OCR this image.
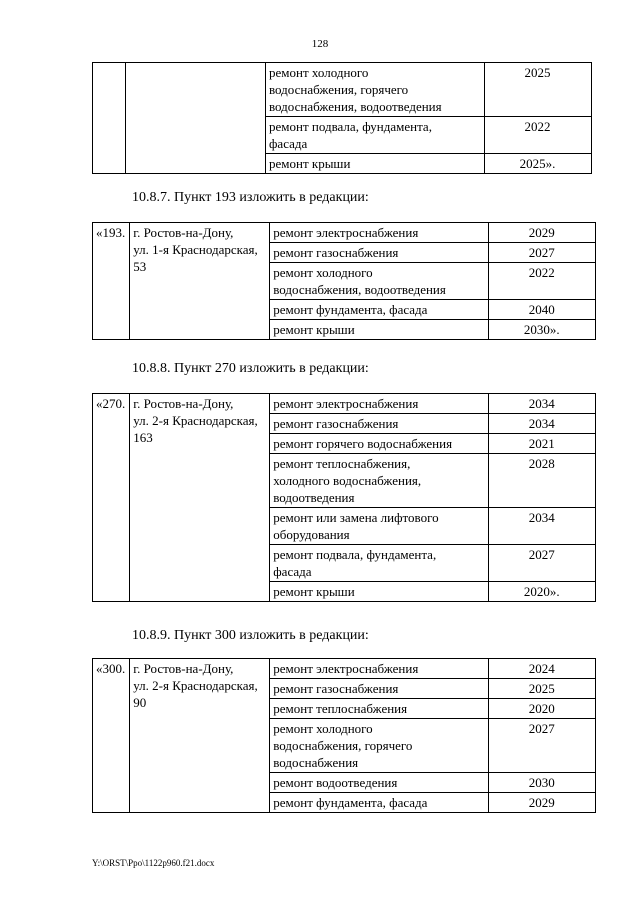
128

		ремонт холодного
водоснабжения, горячего
водоснабжения, водоотведения	2025

		ремонт подвала, фундамента,
фасада	2022

		ремонт крыши	2025».
10.8.7. Пункт 193 изложить в редакции:
«193.	г. Ростов-на-Дону,
ул. 1-я Краснодарская,
53	ремонт электроснабжения	2029

		ремонт газоснабжения	2027

		ремонт холодного
водоснабжения, водоотведения	2022

		ремонт фундамента, фасада	2040

		ремонт крыши	2030».
10.8.8. Пункт 270 изложить в редакции:
«270.	г. Ростов-на-Дону,
ул. 2-я Краснодарская,
163	ремонт электроснабжения	2034

		ремонт газоснабжения	2034

		ремонт горячего водоснабжения	2021

		ремонт теплоснабжения,
холодного водоснабжения,
водоотведения	2028

		ремонт или замена лифтового
оборудования	2034

		ремонт подвала, фундамента,
фасада	2027

		ремонт крыши	2020».
10.8.9. Пункт 300 изложить в редакции:
«300.	г. Ростов-на-Дону,
ул. 2-я Краснодарская,
90	ремонт электроснабжения	2024

		ремонт газоснабжения	2025

		ремонт теплоснабжения	2020

		ремонт холодного
водоснабжения, горячего
водоснабжения	2027

		ремонт водоотведения	2030

		ремонт фундамента, фасада	2029
Y:\ORST\Ppo\1122p960.f21.docx
